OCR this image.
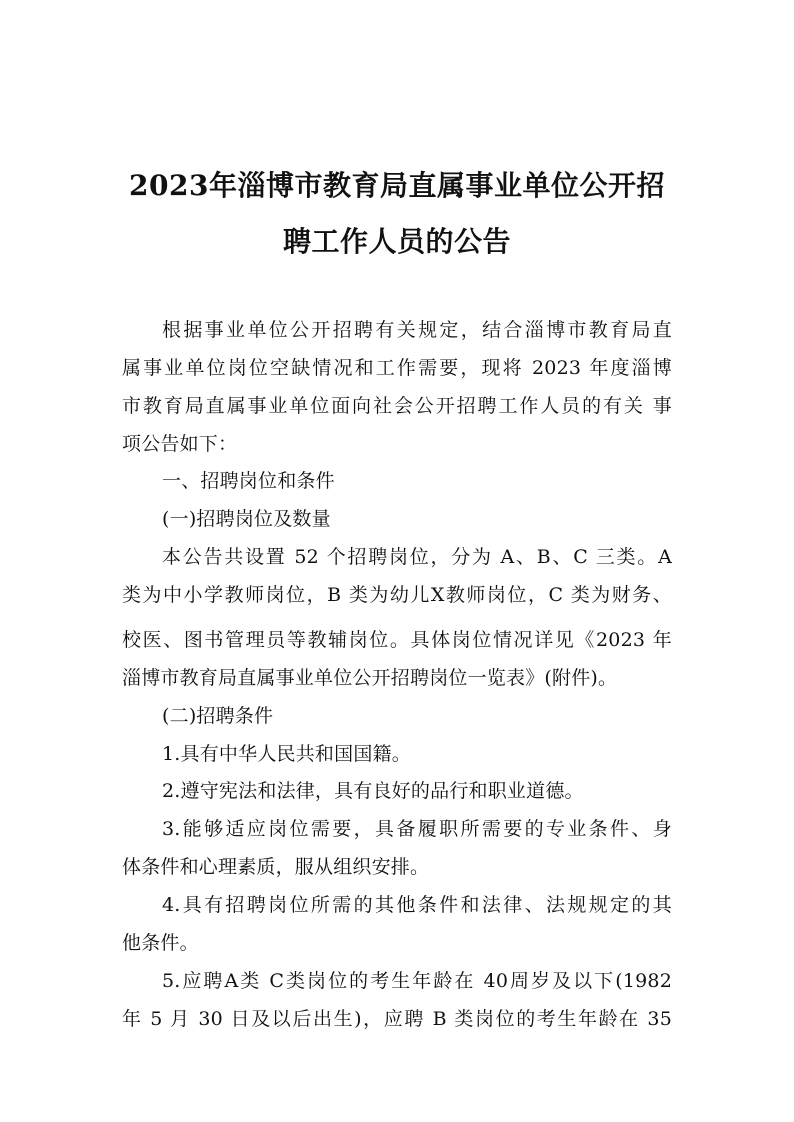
2023年淄博市教育局直属事业单位公开招
聘工作人员的公告
根据事业单位公开招聘有关规定，结合淄博市教育局直
属事业单位岗位空缺情况和工作需要，现将 2023 年度淄博
市教育局直属事业单位面向社会公开招聘工作人员的有关 事
项公告如下：
一、招聘岗位和条件
(一)招聘岗位及数量
本公告共设置 52 个招聘岗位，分为 A、B、C 三类。A
类为中小学教师岗位，B 类为幼儿X教师岗位，C 类为财务、
校医、图书管理员等教辅岗位。具体岗位情况详见《2023 年
淄博市教育局直属事业单位公开招聘岗位一览表》(附件)。
(二)招聘条件
1.具有中华人民共和国国籍。
2.遵守宪法和法律，具有良好的品行和职业道德。
3.能够适应岗位需要，具备履职所需要的专业条件、身
体条件和心理素质，服从组织安排。
4.具有招聘岗位所需的其他条件和法律、法规规定的其
他条件。
5.应聘A类 C类岗位的考生年龄在 40周岁及以下(1982
年 5 月 30 日及以后出生)，应聘 B 类岗位的考生年龄在 35
